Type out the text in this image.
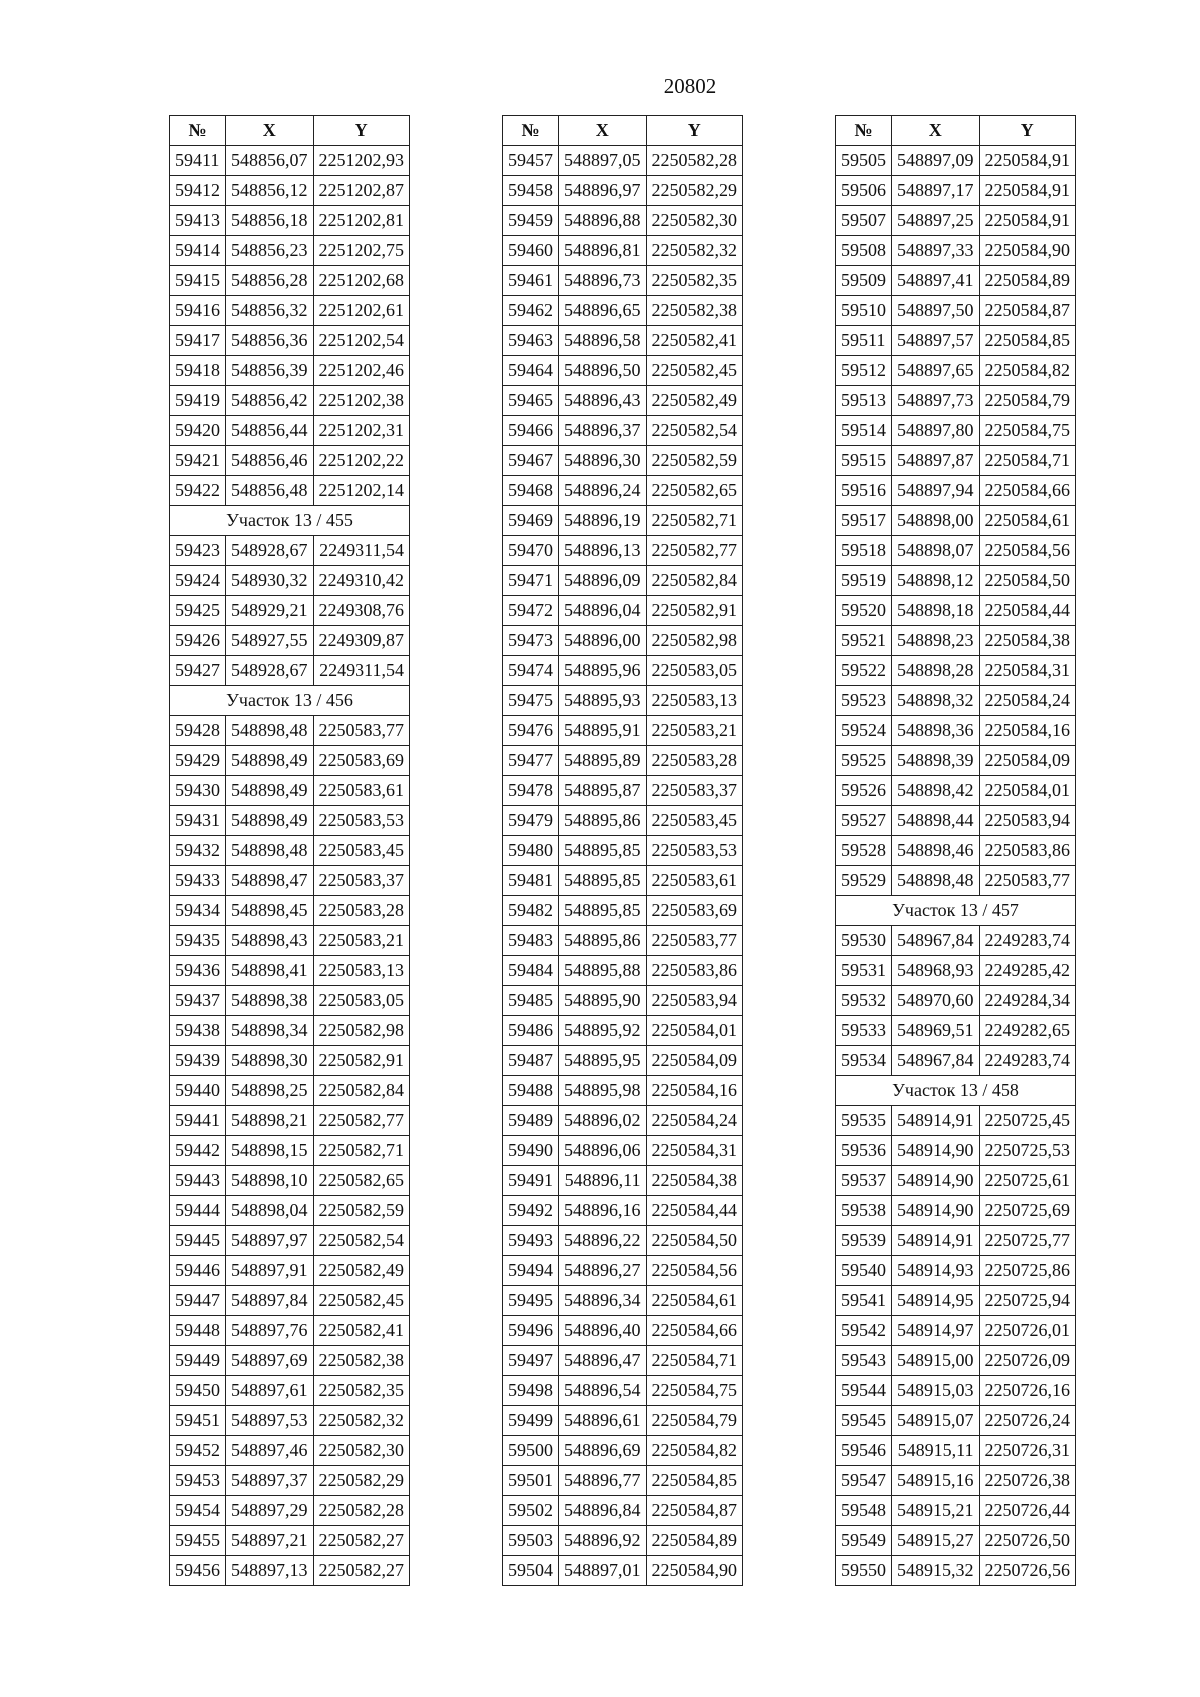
20802
№	X	Y
59411	548856,07	2251202,93
59412	548856,12	2251202,87
59413	548856,18	2251202,81
59414	548856,23	2251202,75
59415	548856,28	2251202,68
59416	548856,32	2251202,61
59417	548856,36	2251202,54
59418	548856,39	2251202,46
59419	548856,42	2251202,38
59420	548856,44	2251202,31
59421	548856,46	2251202,22
59422	548856,48	2251202,14
Участок 13 / 455		
59423	548928,67	2249311,54
59424	548930,32	2249310,42
59425	548929,21	2249308,76
59426	548927,55	2249309,87
59427	548928,67	2249311,54
Участок 13 / 456		
59428	548898,48	2250583,77
59429	548898,49	2250583,69
59430	548898,49	2250583,61
59431	548898,49	2250583,53
59432	548898,48	2250583,45
59433	548898,47	2250583,37
59434	548898,45	2250583,28
59435	548898,43	2250583,21
59436	548898,41	2250583,13
59437	548898,38	2250583,05
59438	548898,34	2250582,98
59439	548898,30	2250582,91
59440	548898,25	2250582,84
59441	548898,21	2250582,77
59442	548898,15	2250582,71
59443	548898,10	2250582,65
59444	548898,04	2250582,59
59445	548897,97	2250582,54
59446	548897,91	2250582,49
59447	548897,84	2250582,45
59448	548897,76	2250582,41
59449	548897,69	2250582,38
59450	548897,61	2250582,35
59451	548897,53	2250582,32
59452	548897,46	2250582,30
59453	548897,37	2250582,29
59454	548897,29	2250582,28
59455	548897,21	2250582,27
59456	548897,13	2250582,27
№	X	Y
59457	548897,05	2250582,28
59458	548896,97	2250582,29
59459	548896,88	2250582,30
59460	548896,81	2250582,32
59461	548896,73	2250582,35
59462	548896,65	2250582,38
59463	548896,58	2250582,41
59464	548896,50	2250582,45
59465	548896,43	2250582,49
59466	548896,37	2250582,54
59467	548896,30	2250582,59
59468	548896,24	2250582,65
59469	548896,19	2250582,71
59470	548896,13	2250582,77
59471	548896,09	2250582,84
59472	548896,04	2250582,91
59473	548896,00	2250582,98
59474	548895,96	2250583,05
59475	548895,93	2250583,13
59476	548895,91	2250583,21
59477	548895,89	2250583,28
59478	548895,87	2250583,37
59479	548895,86	2250583,45
59480	548895,85	2250583,53
59481	548895,85	2250583,61
59482	548895,85	2250583,69
59483	548895,86	2250583,77
59484	548895,88	2250583,86
59485	548895,90	2250583,94
59486	548895,92	2250584,01
59487	548895,95	2250584,09
59488	548895,98	2250584,16
59489	548896,02	2250584,24
59490	548896,06	2250584,31
59491	548896,11	2250584,38
59492	548896,16	2250584,44
59493	548896,22	2250584,50
59494	548896,27	2250584,56
59495	548896,34	2250584,61
59496	548896,40	2250584,66
59497	548896,47	2250584,71
59498	548896,54	2250584,75
59499	548896,61	2250584,79
59500	548896,69	2250584,82
59501	548896,77	2250584,85
59502	548896,84	2250584,87
59503	548896,92	2250584,89
59504	548897,01	2250584,90
№	X	Y
59505	548897,09	2250584,91
59506	548897,17	2250584,91
59507	548897,25	2250584,91
59508	548897,33	2250584,90
59509	548897,41	2250584,89
59510	548897,50	2250584,87
59511	548897,57	2250584,85
59512	548897,65	2250584,82
59513	548897,73	2250584,79
59514	548897,80	2250584,75
59515	548897,87	2250584,71
59516	548897,94	2250584,66
59517	548898,00	2250584,61
59518	548898,07	2250584,56
59519	548898,12	2250584,50
59520	548898,18	2250584,44
59521	548898,23	2250584,38
59522	548898,28	2250584,31
59523	548898,32	2250584,24
59524	548898,36	2250584,16
59525	548898,39	2250584,09
59526	548898,42	2250584,01
59527	548898,44	2250583,94
59528	548898,46	2250583,86
59529	548898,48	2250583,77
Участок 13 / 457		
59530	548967,84	2249283,74
59531	548968,93	2249285,42
59532	548970,60	2249284,34
59533	548969,51	2249282,65
59534	548967,84	2249283,74
Участок 13 / 458		
59535	548914,91	2250725,45
59536	548914,90	2250725,53
59537	548914,90	2250725,61
59538	548914,90	2250725,69
59539	548914,91	2250725,77
59540	548914,93	2250725,86
59541	548914,95	2250725,94
59542	548914,97	2250726,01
59543	548915,00	2250726,09
59544	548915,03	2250726,16
59545	548915,07	2250726,24
59546	548915,11	2250726,31
59547	548915,16	2250726,38
59548	548915,21	2250726,44
59549	548915,27	2250726,50
59550	548915,32	2250726,56
